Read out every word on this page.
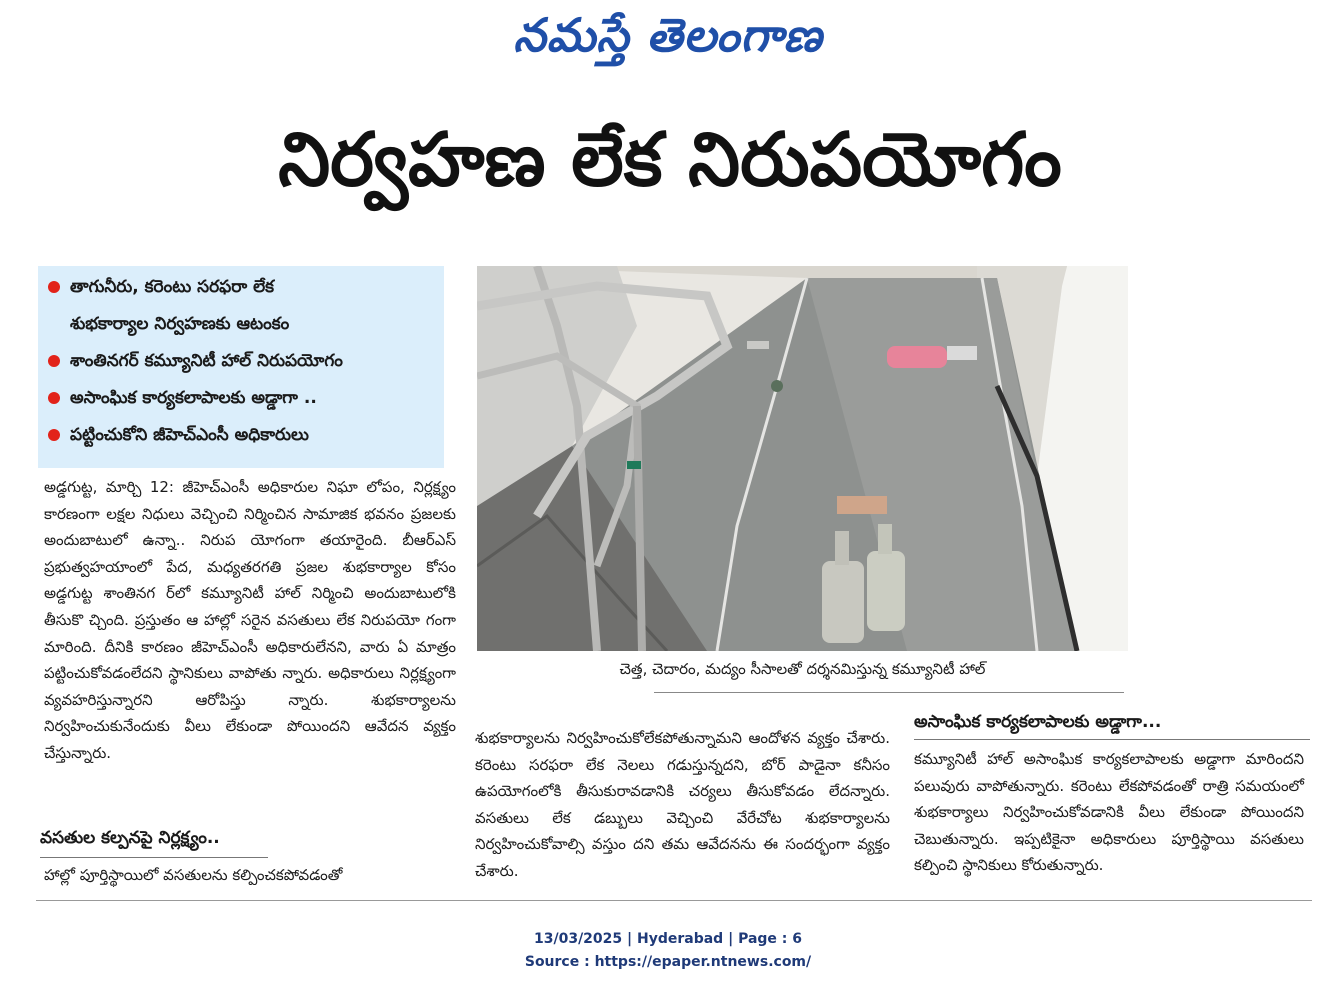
నమస్తే తెలంగాణ
నిర్వహణ లేక నిరుపయోగం
తాగునీరు, కరెంటు సరఫరా లేక
శుభకార్యాల నిర్వహణకు ఆటంకం
శాంతినగర్ కమ్యూనిటీ హాల్ నిరుపయోగం
అసాంఘిక కార్యకలాపాలకు అడ్డాగా ..
పట్టించుకోని జీహెచ్ఎంసీ అధికారులు
చెత్త, చెదారం, మద్యం సీసాలతో దర్శనమిస్తున్న కమ్యూనిటీ హాల్

అడ్డగుట్ట, మార్చి 12: జీహెచ్ఎంసీ అధికారుల నిఘా లోపం, నిర్లక్ష్యం కారణంగా లక్షల నిధులు వెచ్చించి నిర్మించిన సామాజిక భవనం ప్రజలకు అందుబాటులో ఉన్నా.. నిరుప యోగంగా తయారైంది. బీఆర్ఎస్ ప్రభుత్వహయాంలో పేద, మధ్యతరగతి ప్రజల శుభకార్యాల కోసం అడ్డగుట్ట శాంతినగ ర్‌లో కమ్యూనిటీ హాల్ నిర్మించి అందుబాటులోకి తీసుకొ చ్చింది. ప్రస్తుతం ఆ హాల్లో సరైన వసతులు లేక నిరుపయో గంగా మారింది. దీనికి కారణం జీహెచ్ఎంసీ అధికారులేనని, వారు ఏ మాత్రం పట్టించుకోవడంలేదని స్థానికులు వాపోతు న్నారు. అధికారులు నిర్లక్ష్యంగా వ్యవహరిస్తున్నారని ఆరోపిస్తు న్నారు. శుభకార్యాలను నిర్వహించుకునేందుకు వీలు లేకుండా పోయిందని ఆవేదన వ్యక్తం చేస్తున్నారు.

వసతుల కల్పనపై నిర్లక్ష్యం..

హాల్లో పూర్తిస్థాయిలో వసతులను కల్పించకపోవడంతో

శుభకార్యాలను నిర్వహించుకోలేకపోతున్నామని ఆందోళన వ్యక్తం చేశారు. కరెంటు సరఫరా లేక నెలలు గడుస్తున్నదని, బోర్ పాడైనా కనీసం ఉపయోగంలోకి తీసుకురావడానికి చర్యలు తీసుకోవడం లేదన్నారు. వసతులు లేక డబ్బులు వెచ్చించి వేరేచోట శుభకార్యాలను నిర్వహించుకోవాల్సి వస్తుం దని తమ ఆవేదనను ఈ సందర్భంగా వ్యక్తం చేశారు.

అసాంఘిక కార్యకలాపాలకు అడ్డాగా...

కమ్యూనిటీ హాల్ అసాంఘిక కార్యకలాపాలకు అడ్డాగా మారిందని పలువురు వాపోతున్నారు. కరెంటు లేకపోవడంతో రాత్రి సమయంలో శుభకార్యాలు నిర్వహించుకోవడానికి వీలు లేకుండా పోయిందని చెబుతున్నారు. ఇప్పటికైనా అధికారులు పూర్తిస్థాయి వసతులు కల్పించి స్థానికులు కోరుతున్నారు.

13/03/2025 | Hyderabad | Page : 6
Source : https://epaper.ntnews.com/
